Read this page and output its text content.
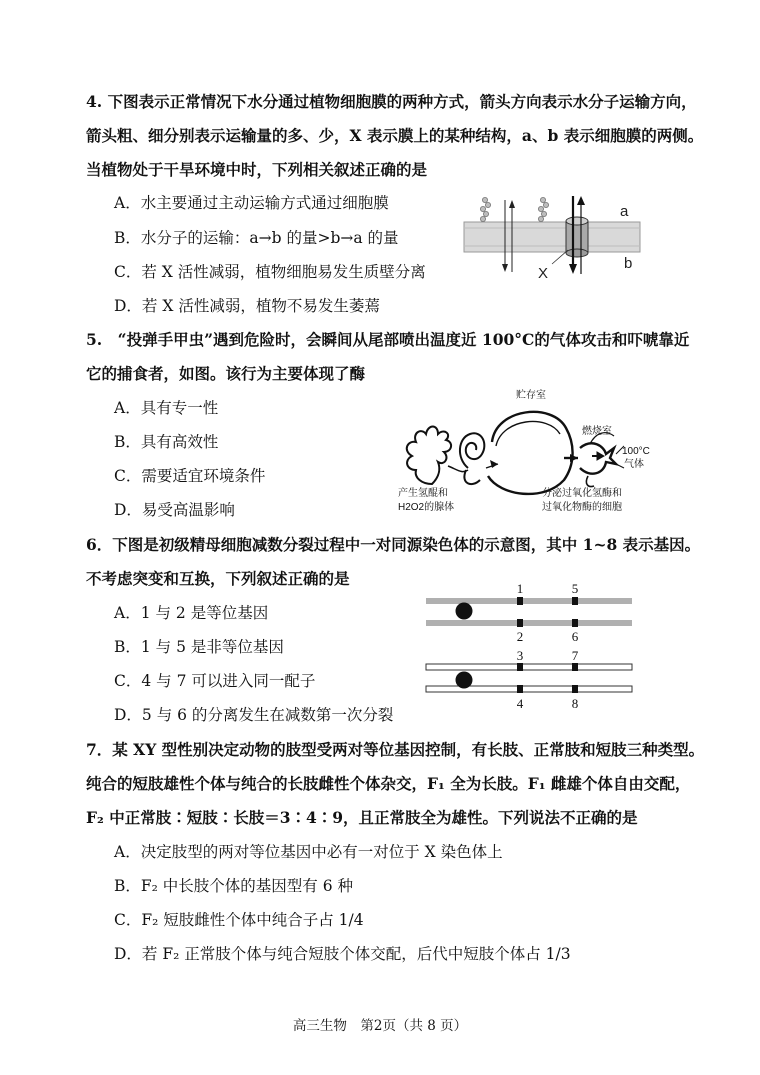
4. 下图表示正常情况下水分通过植物细胞膜的两种方式，箭头方向表示水分子运输方向，
箭头粗、细分别表示运输量的多、少，X 表示膜上的某种结构，a、b 表示细胞膜的两侧。
当植物处于干旱环境中时，下列相关叙述正确的是
A．水主要通过主动运输方式通过细胞膜
B．水分子的运输：a→b 的量>b→a 的量
C．若 X 活性减弱，植物细胞易发生质壁分离
D．若 X 活性减弱，植物不易发生萎蔫
X
a
b
5.　“投弹手甲虫”遇到危险时，会瞬间从尾部喷出温度近 100°C的气体攻击和吓唬靠近
它的捕食者，如图。该行为主要体现了酶
A．具有专一性
B．具有高效性
C．需要适宜环境条件
D．易受高温影响
贮存室
燃烧室
100°C
气体
产生氢醌和
H2O2的腺体
分泌过氧化氢酶和
过氧化物酶的细胞
6．下图是初级精母细胞减数分裂过程中一对同源染色体的示意图，其中 1~8 表示基因。
不考虑突变和互换，下列叙述正确的是
A．1 与 2 是等位基因
B．1 与 5 是非等位基因
C．4 与 7 可以进入同一配子
D．5 与 6 的分离发生在减数第一次分裂
1	5
2	6
3	7
4	8
7．某 XY 型性别决定动物的肢型受两对等位基因控制，有长肢、正常肢和短肢三种类型。
纯合的短肢雄性个体与纯合的长肢雌性个体杂交，F₁ 全为长肢。F₁ 雌雄个体自由交配，
F₂ 中正常肢∶短肢∶长肢＝3∶4∶9，且正常肢全为雄性。下列说法不正确的是
A．决定肢型的两对等位基因中必有一对位于 X 染色体上
B．F₂ 中长肢个体的基因型有 6 种
C．F₂ 短肢雌性个体中纯合子占 1/4
D．若 F₂ 正常肢个体与纯合短肢个体交配，后代中短肢个体占 1/3
高三生物　第2页（共 8 页）
